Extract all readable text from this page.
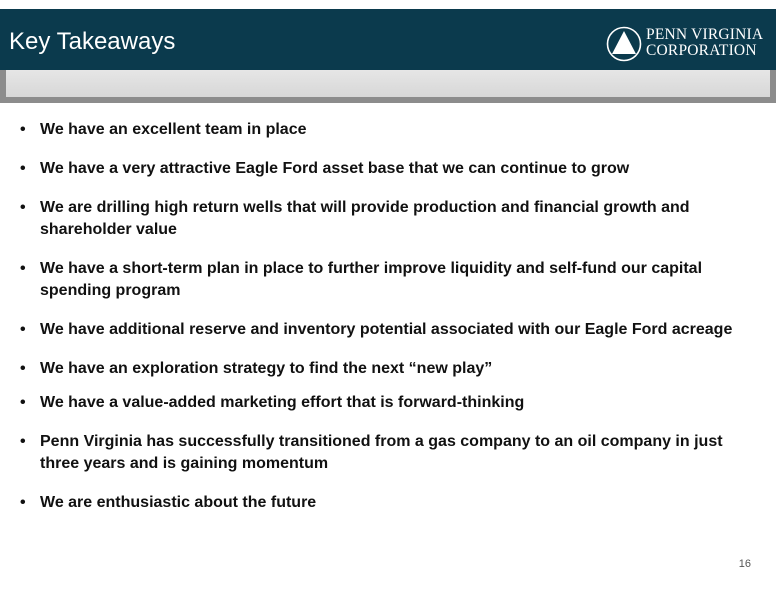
Key Takeaways	PENN VIRGINIA
CORPORATION
• We have an excellent team in place
• We have a very attractive Eagle Ford asset base that we can continue to grow
• We are drilling high return wells that will provide production and financial growth and shareholder value
• We have a short-term plan in place to further improve liquidity and self-fund our capital spending program
• We have additional reserve and inventory potential associated with our Eagle Ford acreage
• We have an exploration strategy to find the next “new play”
• We have a value-added marketing effort that is forward-thinking
• Penn Virginia has successfully transitioned from a gas company to an oil company in just three years and is gaining momentum
• We are enthusiastic about the future
16
